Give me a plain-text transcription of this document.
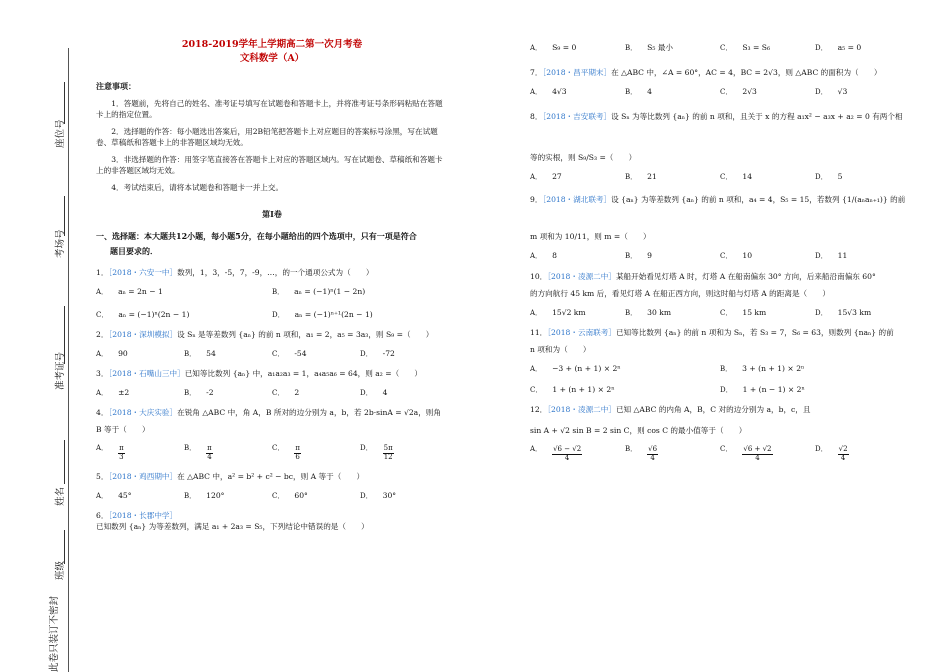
座位号
考场号
准考证号
姓名
班级
此卷只装订不密封
2018-2019学年上学期高二第一次月考卷
文科数学（A）
注意事项：
1．答题前，先将自己的姓名、准考证号填写在试题卷和答题卡上，并将准考证号条形码粘贴在答题卡上的指定位置。
2．选择题的作答：每小题选出答案后，用2B铅笔把答题卡上对应题目的答案标号涂黑，写在试题卷、草稿纸和答题卡上的非答题区域均无效。
3．非选择题的作答：用签字笔直接答在答题卡上对应的答题区域内。写在试题卷、草稿纸和答题卡上的非答题区域均无效。
4．考试结束后，请将本试题卷和答题卡一并上交。
第Ⅰ卷
一、选择题：本大题共12小题，每小题5分，在每小题给出的四个选项中，只有一项是符合
题目要求的．
1．［2018・六安一中］数列，1，3，-5，7，-9，…，的一个通项公式为（　　）
A． aₙ = 2n − 1	B． aₙ = (−1)ⁿ(1 − 2n)
C． aₙ = (−1)ⁿ(2n − 1)	D． aₙ = (−1)ⁿ⁺¹(2n − 1)
2．［2018・深圳模拟］设 Sₙ 是等差数列 {aₙ} 的前 n 项和，a₁ = 2，a₅ = 3a₃，则 S₉ =（　　）
A． 90	B． 54	C． -54	D． -72
3．［2018・石嘴山三中］已知等比数列 {aₙ} 中，a₁a₂a₃ = 1，a₄a₅a₆ = 64，则 a₂ =（　　）
A． ±2	B． -2	C． 2	D． 4
4．［2018・大庆实验］在锐角 △ABC 中，角 A，B 所对的边分别为 a，b，若 2b·sinA = √2a，则角
B 等于（　　）
A． $\frac{\pi}{3}$	B． $\frac{\pi}{4}$	C． $\frac{\pi}{6}$	D． $\frac{5\pi}{12}$
5．［2018・鸡西期中］在 △ABC 中，a² = b² + c² − bc，则 A 等于（　　）
A． 45°	B． 120°	C． 60°	D． 30°
6．［2018・长郡中学］已知数列 {aₙ} 为等差数列，满足 a₁ + 2a₃ = S₅，下列结论中错误的是（　　）
A． S₉ = 0	B． S₅ 最小	C． S₃ = S₆	D． a₅ = 0
7．［2018・昌平期末］在 △ABC 中，∠A = 60°，AC = 4，BC = 2√3，则 △ABC 的面积为（　　）
A． 4√3	B． 4	C． 2√3	D． √3
8．［2018・吉安联考］设 Sₙ 为等比数列 {aₙ} 的前 n 项和，且关于 x 的方程 a₁x² − a₃x + a₂ = 0 有两个相
等的实根，则 S₉/S₃ =（　　）
A． 27	B． 21	C． 14	D． 5
9．［2018・湖北联考］设 {aₙ} 为等差数列 {aₙ} 的前 n 项和，a₄ = 4，S₅ = 15，若数列 {1/(aₙaₙ₊₁)} 的前
m 项和为 10/11，则 m =（　　）
A． 8	B． 9	C． 10	D． 11
10．［2018・凌源二中］某船开始看见灯塔 A 时，灯塔 A 在船南偏东 30° 方向，后来船沿南偏东 60°
的方向航行 45 km 后，看见灯塔 A 在船正西方向，则这时船与灯塔 A 的距离是（　　）
A． 15√2 km	B． 30 km	C． 15 km	D． 15√3 km
11．［2018・云南联考］已知等比数列 {aₙ} 的前 n 项和为 Sₙ，若 S₃ = 7，S₆ = 63，则数列 {naₙ} 的前
n 项和为（　　）
A． −3 + (n + 1) × 2ⁿ	B． 3 + (n + 1) × 2ⁿ
C． 1 + (n + 1) × 2ⁿ	D． 1 + (n − 1) × 2ⁿ
12．［2018・凌源二中］已知 △ABC 的内角 A，B，C 对的边分别为 a，b，c，且
sin A + √2 sin B = 2 sin C，则 cos C 的最小值等于（　　）
A． $\frac{√6 - √2}{4}$	B． $\frac{√6}{4}$	C． $\frac{√6 + √2}{4}$	D． $\frac{√2}{4}$
